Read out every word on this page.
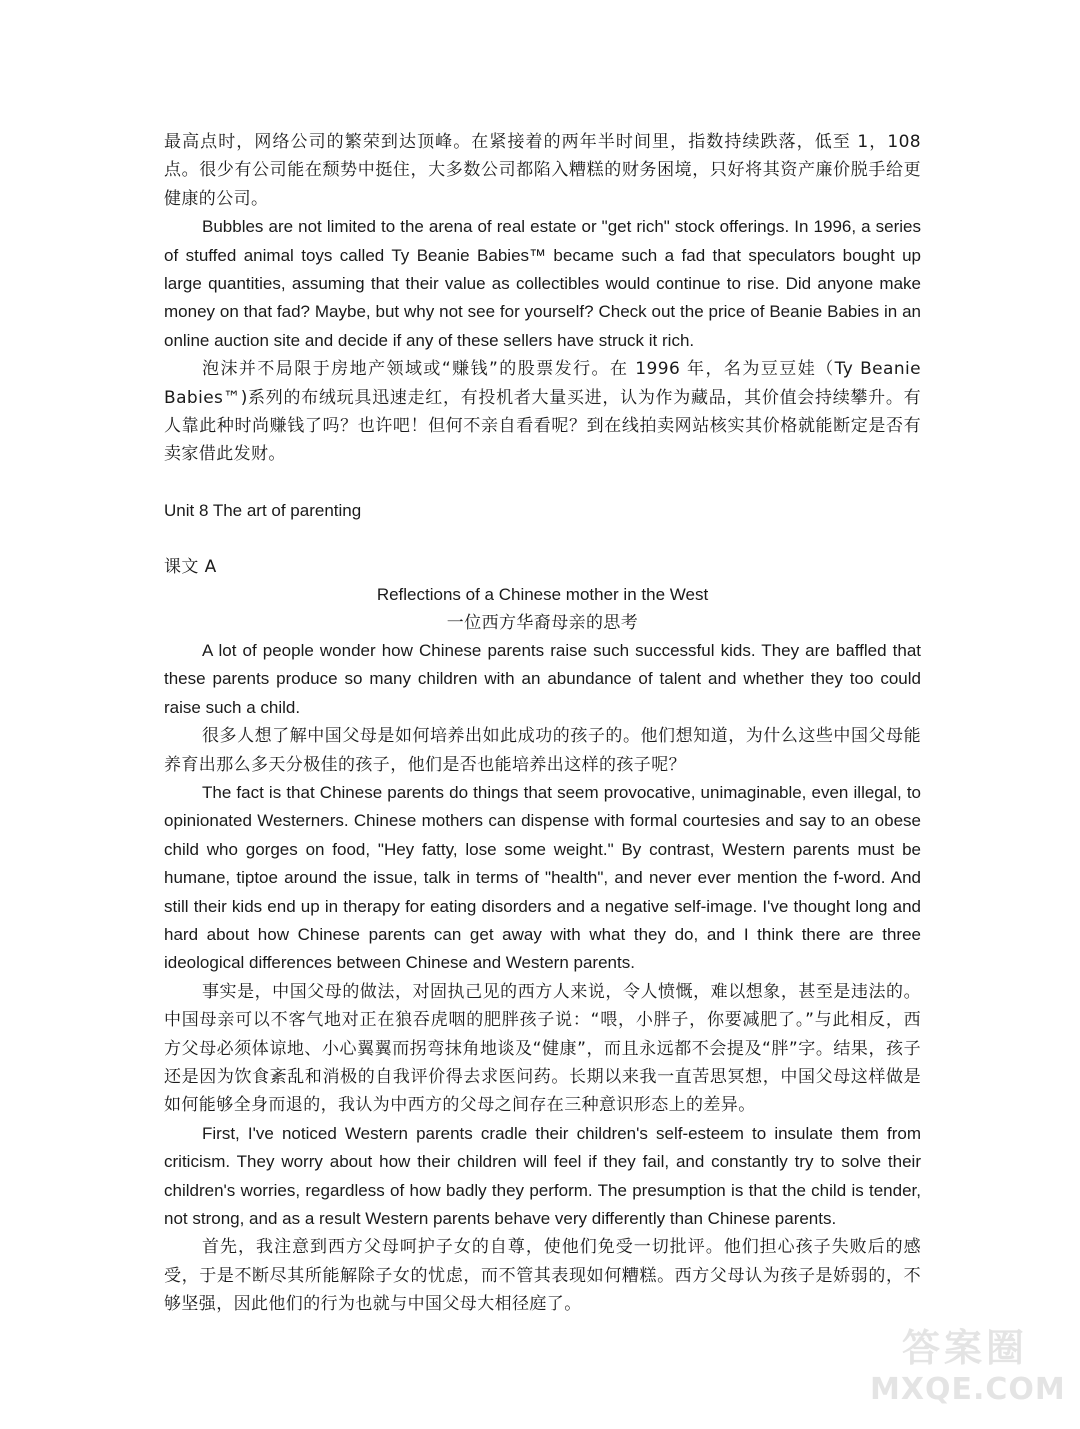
最高点时，网络公司的繁荣到达顶峰。在紧接着的两年半时间里，指数持续跌落，低至 1，108 点。很少有公司能在颓势中挺住，大多数公司都陷入糟糕的财务困境，只好将其资产廉价脱手给更健康的公司。

Bubbles are not limited to the arena of real estate or "get rich" stock offerings. In 1996, a series of stuffed animal toys called Ty Beanie Babies™ became such a fad that speculators bought up large quantities, assuming that their value as collectibles would continue to rise. Did anyone make money on that fad? Maybe, but why not see for yourself? Check out the price of Beanie Babies in an online auction site and decide if any of these sellers have struck it rich.

泡沫并不局限于房地产领域或“赚钱”的股票发行。在 1996 年，名为豆豆娃（Ty Beanie Babies™)系列的布绒玩具迅速走红，有投机者大量买进，认为作为藏品，其价值会持续攀升。有人靠此种时尚赚钱了吗？也许吧！但何不亲自看看呢？到在线拍卖网站核实其价格就能断定是否有卖家借此发财。

Unit 8 The art of parenting
课文 A
Reflections of a Chinese mother in the West
一位西方华裔母亲的思考

A lot of people wonder how Chinese parents raise such successful kids. They are baffled that these parents produce so many children with an abundance of talent and whether they too could raise such a child.

很多人想了解中国父母是如何培养出如此成功的孩子的。他们想知道，为什么这些中国父母能养育出那么多天分极佳的孩子，他们是否也能培养出这样的孩子呢？

The fact is that Chinese parents do things that seem provocative, unimaginable, even illegal, to opinionated Westerners. Chinese mothers can dispense with formal courtesies and say to an obese child who gorges on food, "Hey fatty, lose some weight." By contrast, Western parents must be humane, tiptoe around the issue, talk in terms of "health", and never ever mention the f-word. And still their kids end up in therapy for eating disorders and a negative self-image. I've thought long and hard about how Chinese parents can get away with what they do, and I think there are three ideological differences between Chinese and Western parents.

事实是，中国父母的做法，对固执己见的西方人来说，令人愤慨，难以想象，甚至是违法的。中国母亲可以不客气地对正在狼吞虎咽的肥胖孩子说：“喂，小胖子，你要减肥了。”与此相反，西方父母必须体谅地、小心翼翼而拐弯抹角地谈及“健康”，而且永远都不会提及“胖”字。结果，孩子还是因为饮食紊乱和消极的自我评价得去求医问药。长期以来我一直苦思冥想，中国父母这样做是如何能够全身而退的，我认为中西方的父母之间存在三种意识形态上的差异。

First, I've noticed Western parents cradle their children's self-esteem to insulate them from criticism. They worry about how their children will feel if they fail, and constantly try to solve their children's worries, regardless of how badly they perform. The presumption is that the child is tender, not strong, and as a result Western parents behave very differently than Chinese parents.

首先，我注意到西方父母呵护子女的自尊，使他们免受一切批评。他们担心孩子失败后的感受，于是不断尽其所能解除子女的忧虑，而不管其表现如何糟糕。西方父母认为孩子是娇弱的，不够坚强，因此他们的行为也就与中国父母大相径庭了。

答案圈
MXQE.COM
